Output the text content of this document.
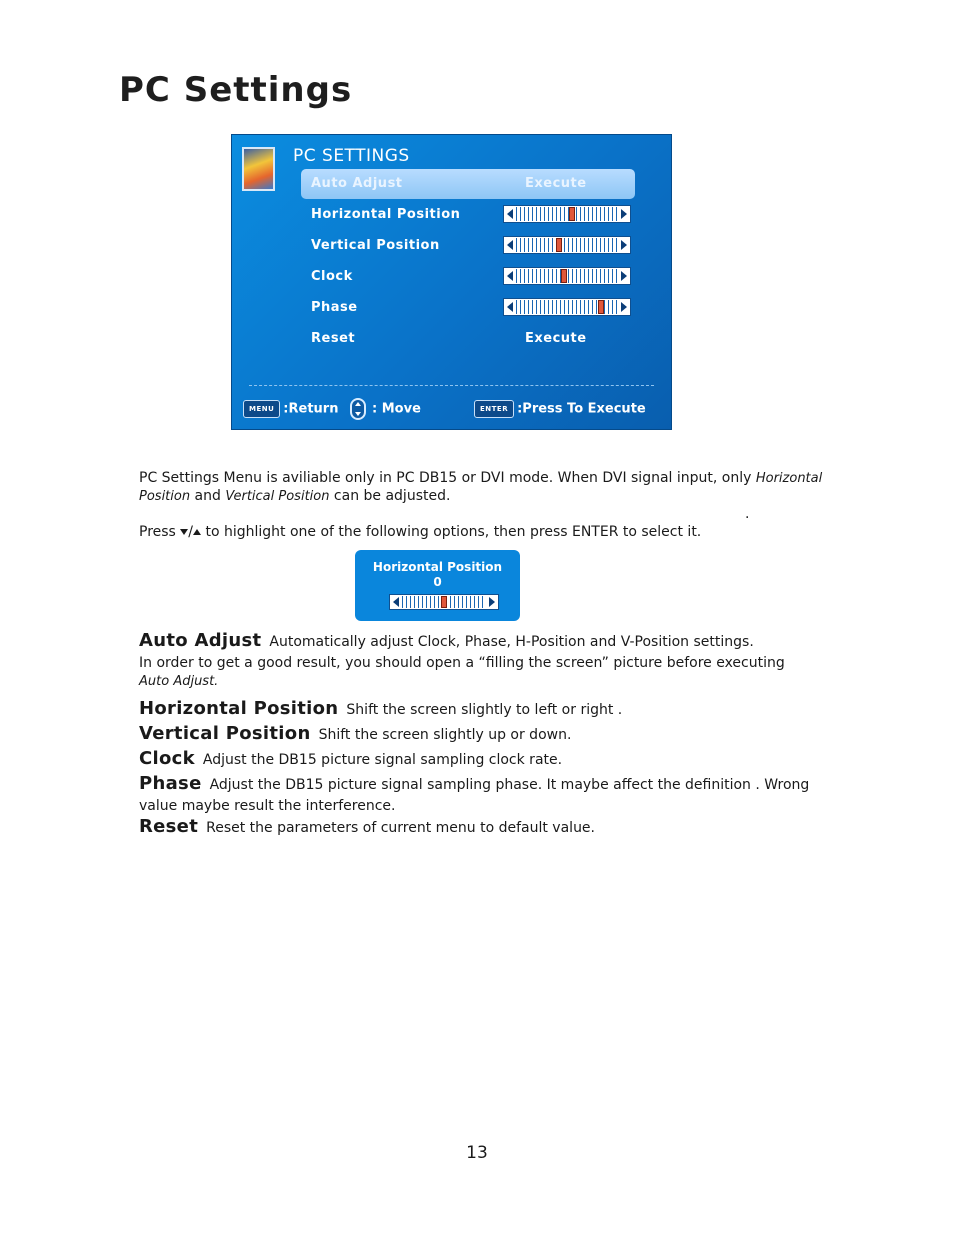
PC Settings
PC SETTINGS
Auto Adjust	Execute
Horizontal Position
Vertical Position
Clock
Phase
Reset	Execute
MENU :Return	: Move	ENTER :Press To Execute
PC Settings Menu is aviliable only in PC DB15 or DVI mode. When DVI signal input, only Horizontal
Position and Vertical Position can be adjusted.
.
Press / to highlight one of the following options, then press ENTER to select it.
Horizontal Position
0
Auto Adjust Automatically adjust Clock, Phase, H-Position and V-Position settings.
In order to get a good result, you should open a “filling the screen” picture before executing
Auto Adjust.
Horizontal Position Shift the screen slightly to left or right .
Vertical Position Shift the screen slightly up or down.
Clock Adjust the DB15 picture signal sampling clock rate.
Phase Adjust the DB15 picture signal sampling phase. It maybe affect the definition . Wrong
value maybe result the interference.
Reset Reset the parameters of current menu to default value.
13
